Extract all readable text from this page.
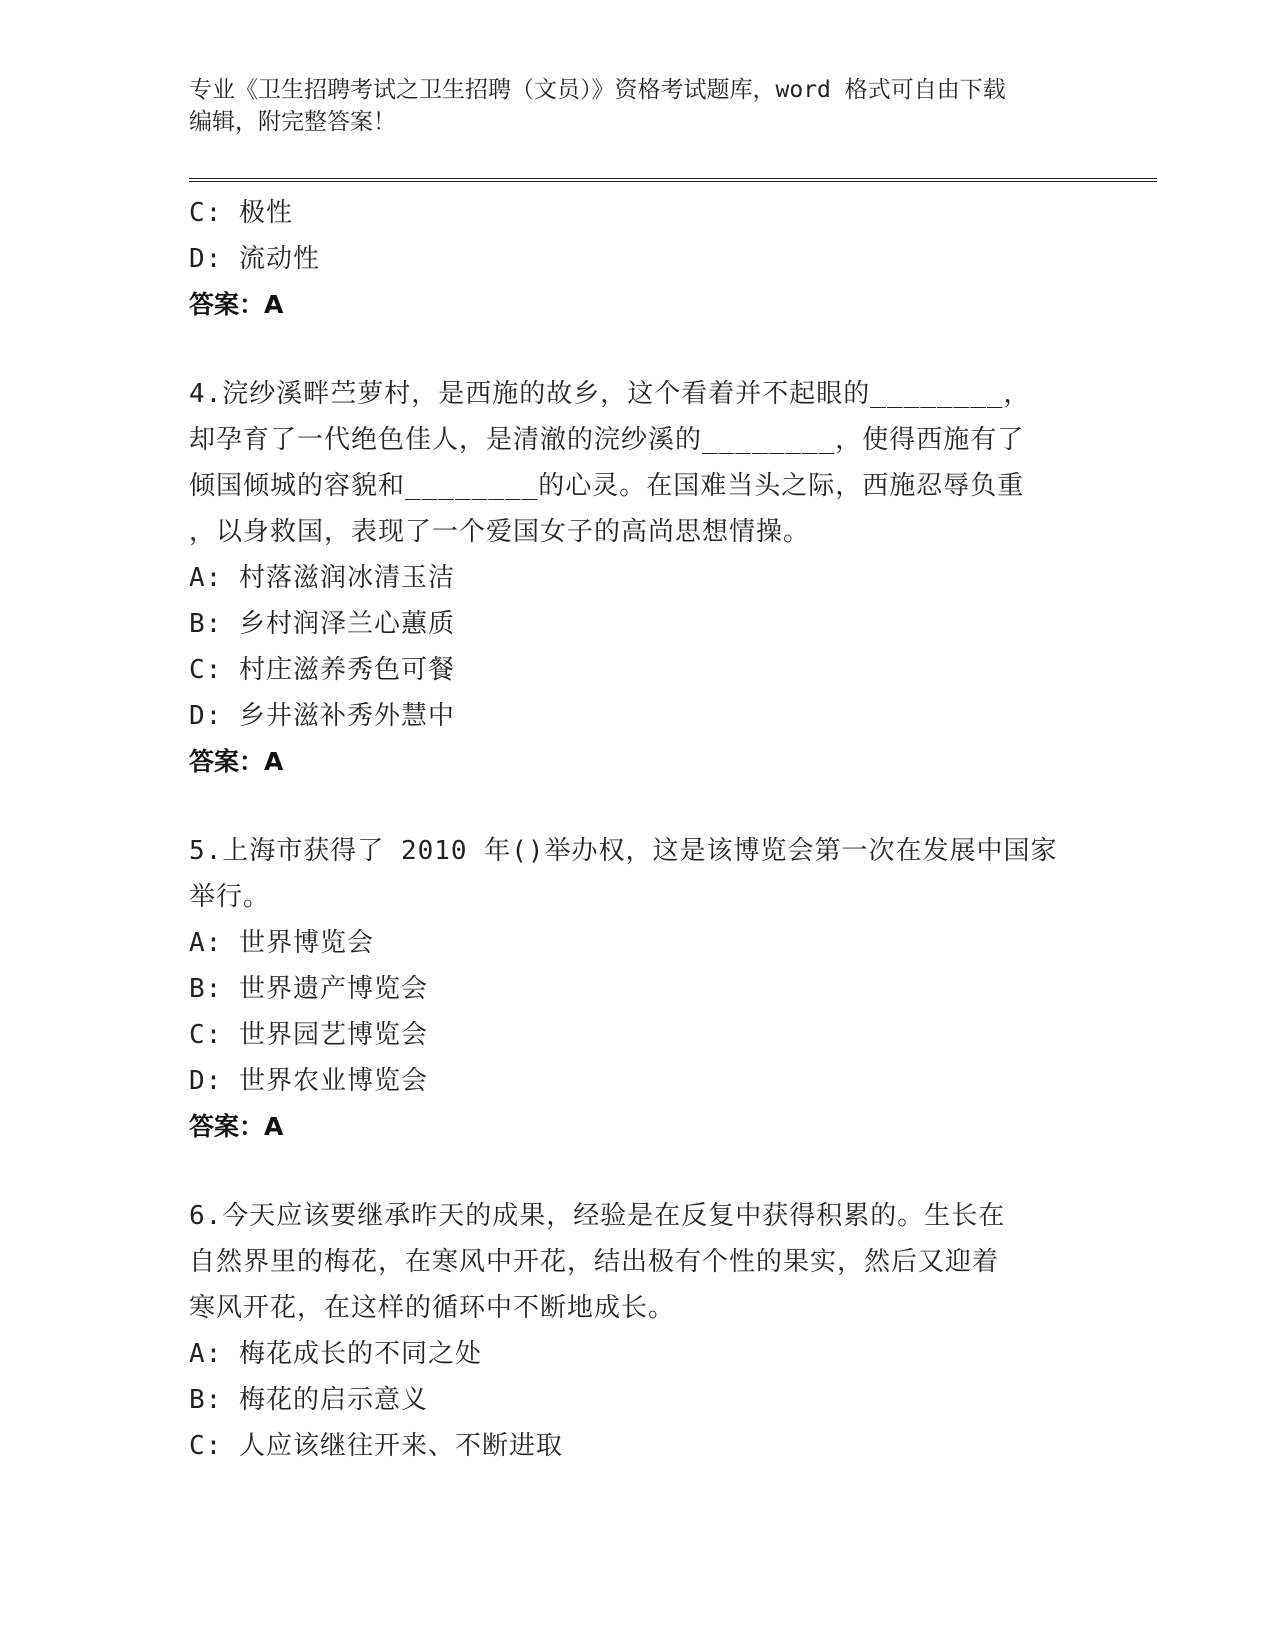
专业《卫生招聘考试之卫生招聘（文员）》资格考试题库，word 格式可自由下载
编辑，附完整答案！
C: 极性
D: 流动性
答案：A
4.浣纱溪畔苎萝村，是西施的故乡，这个看着并不起眼的________，
却孕育了一代绝色佳人，是清澈的浣纱溪的________，使得西施有了
倾国倾城的容貌和________的心灵。在国难当头之际，西施忍辱负重
，以身救国，表现了一个爱国女子的高尚思想情操。
A: 村落滋润冰清玉洁
B: 乡村润泽兰心蕙质
C: 村庄滋养秀色可餐
D: 乡井滋补秀外慧中
答案：A
5.上海市获得了 2010 年()举办权，这是该博览会第一次在发展中国家
举行。
A: 世界博览会
B: 世界遗产博览会
C: 世界园艺博览会
D: 世界农业博览会
答案：A
6.今天应该要继承昨天的成果，经验是在反复中获得积累的。生长在
自然界里的梅花，在寒风中开花，结出极有个性的果实，然后又迎着
寒风开花，在这样的循环中不断地成长。
A: 梅花成长的不同之处
B: 梅花的启示意义
C: 人应该继往开来、不断进取
